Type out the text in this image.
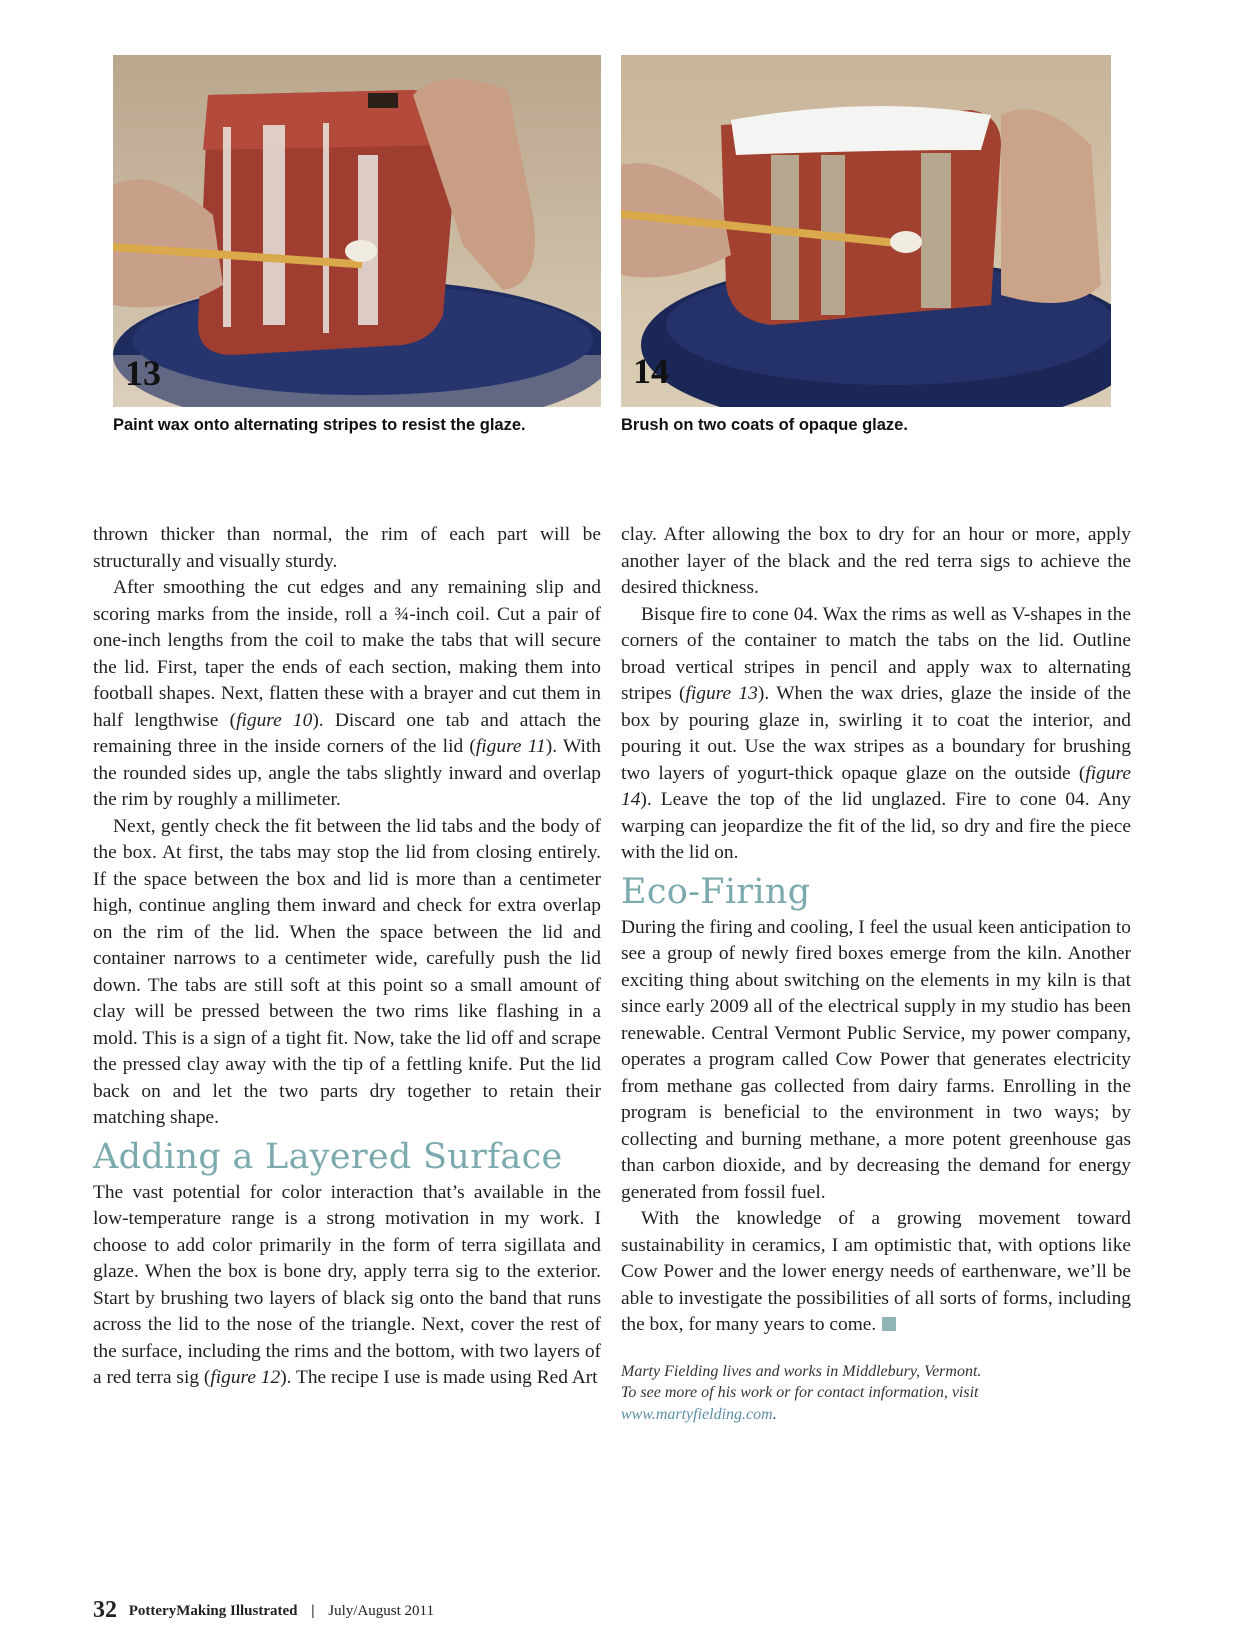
13	14
Paint wax onto alternating stripes to resist the glaze.	Brush on two coats of opaque glaze.

thrown thicker than normal, the rim of each part will be structurally and visually sturdy.

After smoothing the cut edges and any remaining slip and scoring marks from the inside, roll a ¾-inch coil. Cut a pair of one-inch lengths from the coil to make the tabs that will secure the lid. First, taper the ends of each section, making them into football shapes. Next, flatten these with a brayer and cut them in half lengthwise (figure 10). Discard one tab and attach the remaining three in the inside corners of the lid (figure 11). With the rounded sides up, angle the tabs slightly inward and overlap the rim by roughly a millimeter.

Next, gently check the fit between the lid tabs and the body of the box. At first, the tabs may stop the lid from closing entirely. If the space between the box and lid is more than a centimeter high, continue angling them inward and check for extra overlap on the rim of the lid. When the space between the lid and container narrows to a centimeter wide, carefully push the lid down. The tabs are still soft at this point so a small amount of clay will be pressed between the two rims like flashing in a mold. This is a sign of a tight fit. Now, take the lid off and scrape the pressed clay away with the tip of a fettling knife. Put the lid back on and let the two parts dry together to retain their matching shape.

Adding a Layered Surface

The vast potential for color interaction that’s available in the low-temperature range is a strong motivation in my work. I choose to add color primarily in the form of terra sigillata and glaze. When the box is bone dry, apply terra sig to the exterior. Start by brushing two layers of black sig onto the band that runs across the lid to the nose of the triangle. Next, cover the rest of the surface, including the rims and the bottom, with two layers of a red terra sig (figure 12). The recipe I use is made using Red Art

clay. After allowing the box to dry for an hour or more, apply another layer of the black and the red terra sigs to achieve the desired thickness.

Bisque fire to cone 04. Wax the rims as well as V-shapes in the corners of the container to match the tabs on the lid. Outline broad vertical stripes in pencil and apply wax to alternating stripes (figure 13). When the wax dries, glaze the inside of the box by pouring glaze in, swirling it to coat the interior, and pouring it out. Use the wax stripes as a boundary for brushing two layers of yogurt-thick opaque glaze on the outside (figure 14). Leave the top of the lid unglazed. Fire to cone 04. Any warping can jeopardize the fit of the lid, so dry and fire the piece with the lid on.

Eco-Firing

During the firing and cooling, I feel the usual keen anticipation to see a group of newly fired boxes emerge from the kiln. Another exciting thing about switching on the elements in my kiln is that since early 2009 all of the electrical supply in my studio has been renewable. Central Vermont Public Service, my power company, operates a program called Cow Power that generates electricity from methane gas collected from dairy farms. Enrolling in the program is beneficial to the environment in two ways; by collecting and burning methane, a more potent greenhouse gas than carbon dioxide, and by decreasing the demand for energy generated from fossil fuel.

With the knowledge of a growing movement toward sustainability in ceramics, I am optimistic that, with options like Cow Power and the lower energy needs of earthenware, we’ll be able to investigate the possibilities of all sorts of forms, including the box, for many years to come.

Marty Fielding lives and works in Middlebury, Vermont.
To see more of his work or for contact information, visit
www.martyfielding.com.
32 PotteryMaking Illustrated | July/August 2011
